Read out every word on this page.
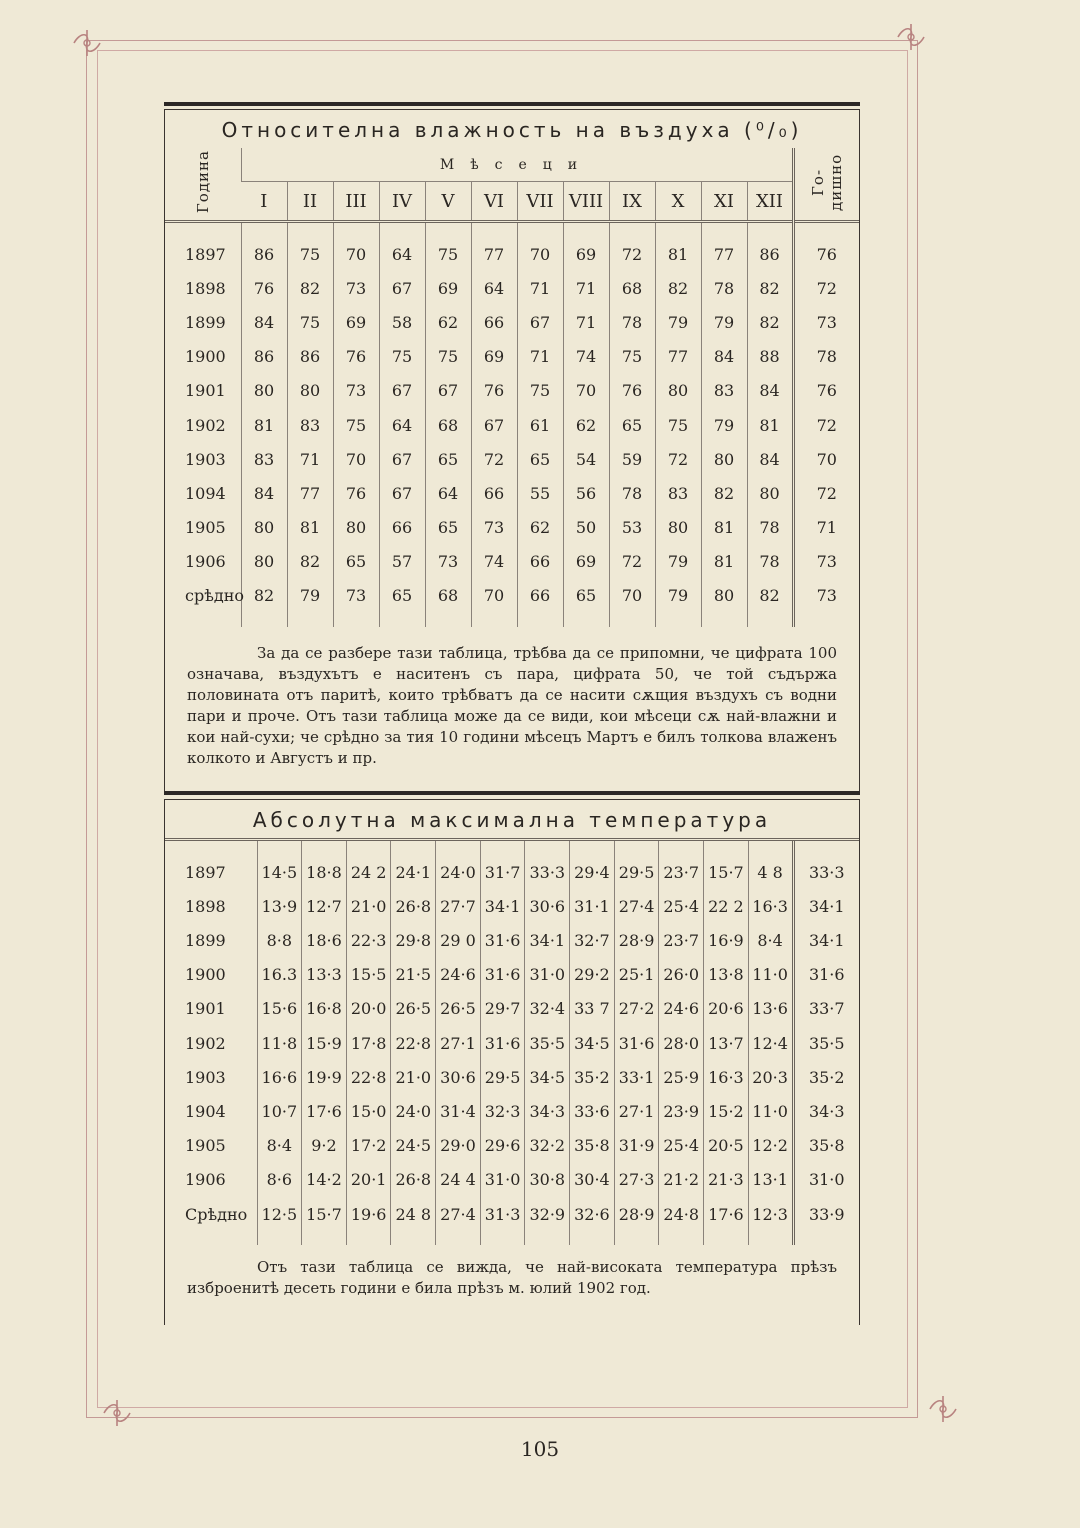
Относителна влажность на въздуха (⁰/₀)
Година	Мѣсеци												Го-дишно
	I	II	III	IV	V	VI	VII	VIII	IX	X	XI	XII	

1897	86	75	70	64	75	77	70	69	72	81	77	86	76
1898	76	82	73	67	69	64	71	71	68	82	78	82	72
1899	84	75	69	58	62	66	67	71	78	79	79	82	73
1900	86	86	76	75	75	69	71	74	75	77	84	88	78
1901	80	80	73	67	67	76	75	70	76	80	83	84	76
1902	81	83	75	64	68	67	61	62	65	75	79	81	72
1903	83	71	70	67	65	72	65	54	59	72	80	84	70
1094	84	77	76	67	64	66	55	56	78	83	82	80	72
1905	80	81	80	66	65	73	62	50	53	80	81	78	71
1906	80	82	65	57	73	74	66	69	72	79	81	78	73
срѣдно	82	79	73	65	68	70	66	65	70	79	80	82	73

За да се разбере тази таблица, трѣбва да се припомни, че цифрата 100 означава, въздухътъ е наситенъ съ пара, цифрата 50, че той съдържа половината отъ паритѣ, които трѣбватъ да се насити сѫщия въздухъ съ водни пари и проче. Отъ тази таблица може да се види, кои мѣсеци сѫ най-влажни и кои най-сухи; че срѣдно за тия 10 години мѣсецъ Мартъ е билъ толкова влаженъ колкото и Августъ и пр.
Абсолутна максимална температура

1897	14·5	18·8	24 2	24·1	24·0	31·7	33·3	29·4	29·5	23·7	15·7	4 8	33·3
1898	13·9	12·7	21·0	26·8	27·7	34·1	30·6	31·1	27·4	25·4	22 2	16·3	34·1
1899	8·8	18·6	22·3	29·8	29 0	31·6	34·1	32·7	28·9	23·7	16·9	8·4	34·1
1900	16.3	13·3	15·5	21·5	24·6	31·6	31·0	29·2	25·1	26·0	13·8	11·0	31·6
1901	15·6	16·8	20·0	26·5	26·5	29·7	32·4	33 7	27·2	24·6	20·6	13·6	33·7
1902	11·8	15·9	17·8	22·8	27·1	31·6	35·5	34·5	31·6	28·0	13·7	12·4	35·5
1903	16·6	19·9	22·8	21·0	30·6	29·5	34·5	35·2	33·1	25·9	16·3	20·3	35·2
1904	10·7	17·6	15·0	24·0	31·4	32·3	34·3	33·6	27·1	23·9	15·2	11·0	34·3
1905	8·4	9·2	17·2	24·5	29·0	29·6	32·2	35·8	31·9	25·4	20·5	12·2	35·8
1906	8·6	14·2	20·1	26·8	24 4	31·0	30·8	30·4	27·3	21·2	21·3	13·1	31·0
Срѣдно	12·5	15·7	19·6	24 8	27·4	31·3	32·9	32·6	28·9	24·8	17·6	12·3	33·9

Отъ тази таблица се вижда, че най-високата температура прѣзъ изброенитѣ десеть години е била прѣзъ м. юлий 1902 год.
105
